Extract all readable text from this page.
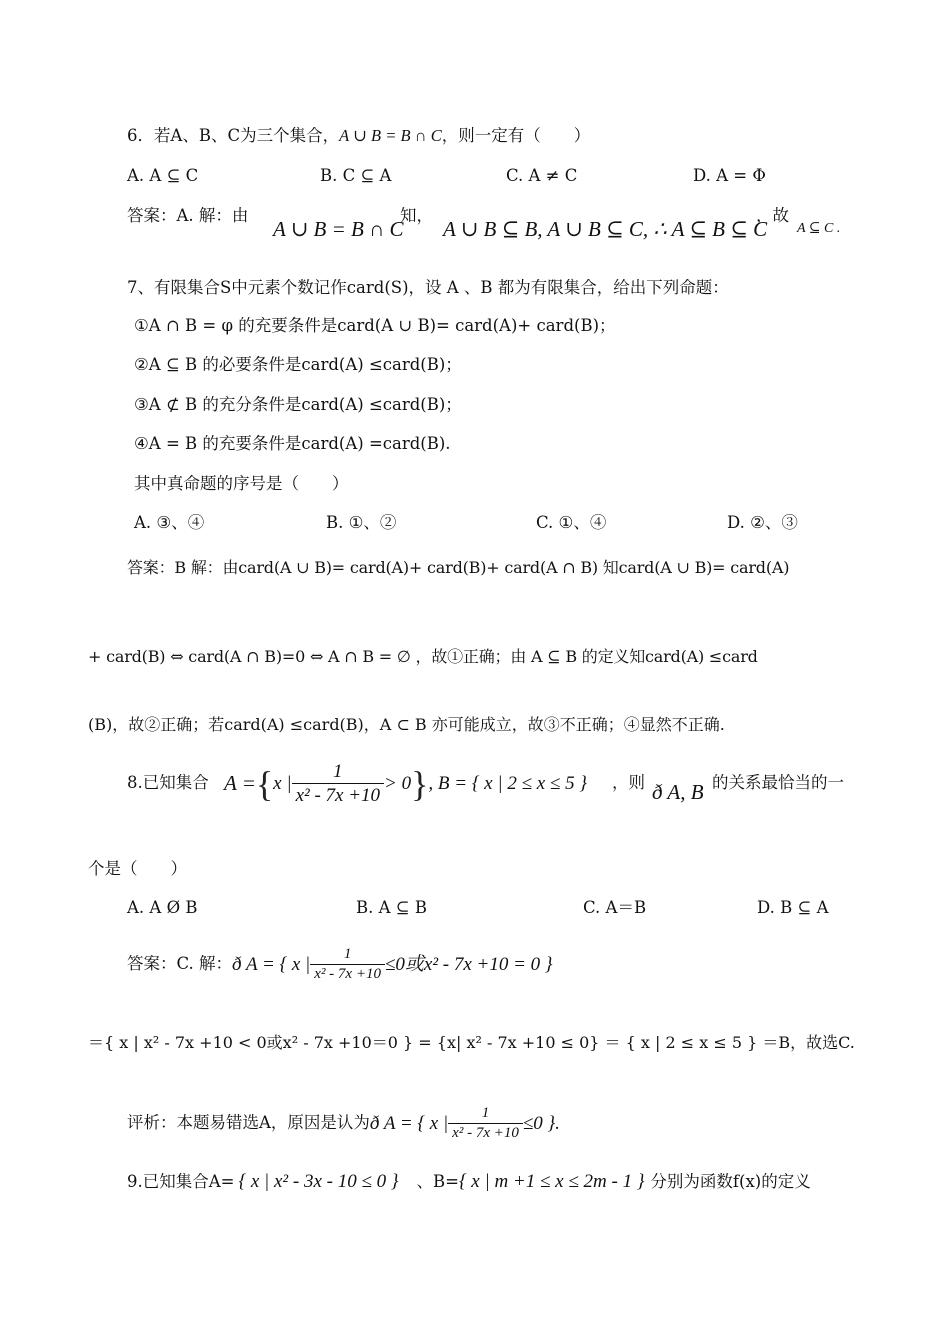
6．若A、B、C为三个集合，A ∪ B = B ∩ C，则一定有（　　）
A. A ⊆ C	B. C ⊆ A	C. A ≠ C	D. A = Φ
答案：A. 解：由
A ∪ B = B ∩ C
知，
A ∪ B ⊆ B, A ∪ B ⊆ C, ∴ A ⊆ B ⊆ C
，故
A ⊆ C .
7、有限集合S中元素个数记作card(S)，设 A 、B 都为有限集合，给出下列命题：
①A ∩ B = φ 的充要条件是card(A ∪ B)= card(A)+ card(B)；
②A ⊆ B 的必要条件是card(A) ≤card(B)；
③A ⊄ B 的充分条件是card(A) ≤card(B)；
④A = B 的充要条件是card(A) =card(B).
其中真命题的序号是（　　）
A. ③、④	B. ①、②	C. ①、④	D. ②、③
答案：B 解：由card(A ∪ B)= card(A)+ card(B)+ card(A ∩ B) 知card(A ∪ B)= card(A)
+ card(B) ⇔ card(A ∩ B)=0 ⇔ A ∩ B = ∅ ，故①正确；由 A ⊆ B 的定义知card(A) ≤card
(B)，故②正确；若card(A) ≤card(B)，A ⊂ B 亦可能成立，故③不正确；④显然不正确.
8.已知集合 A = { x | $\frac{1}{\text{x² - 7x +10}} > 0$ } , B = { x | 2 ≤ x ≤ 5 } ，则 ð A, B 的关系最恰当的一
个是（　　）
A. A Ø B	B. A ⊆ B	C. A＝B	D. B ⊆ A
答案：C. 解： ð A = { x | $\frac{1}{\text{x² - 7x +10}} \le 0$或x² - 7x +10 = 0 }
＝{ x | x² - 7x +10 < 0或x² - 7x +10＝0 } = {x| x² - 7x +10 ≤ 0} ＝ { x | 2 ≤ x ≤ 5 } ＝B，故选C.
评析：本题易错选A，原因是认为 ð A = { x | $\frac{1}{\text{x² - 7x +10}} \le 0$ }.
9.已知集合A= { x | x² - 3x - 10 ≤ 0 } 、B= { x | m +1 ≤ x ≤ 2m - 1 } 分别为函数f(x)的定义
